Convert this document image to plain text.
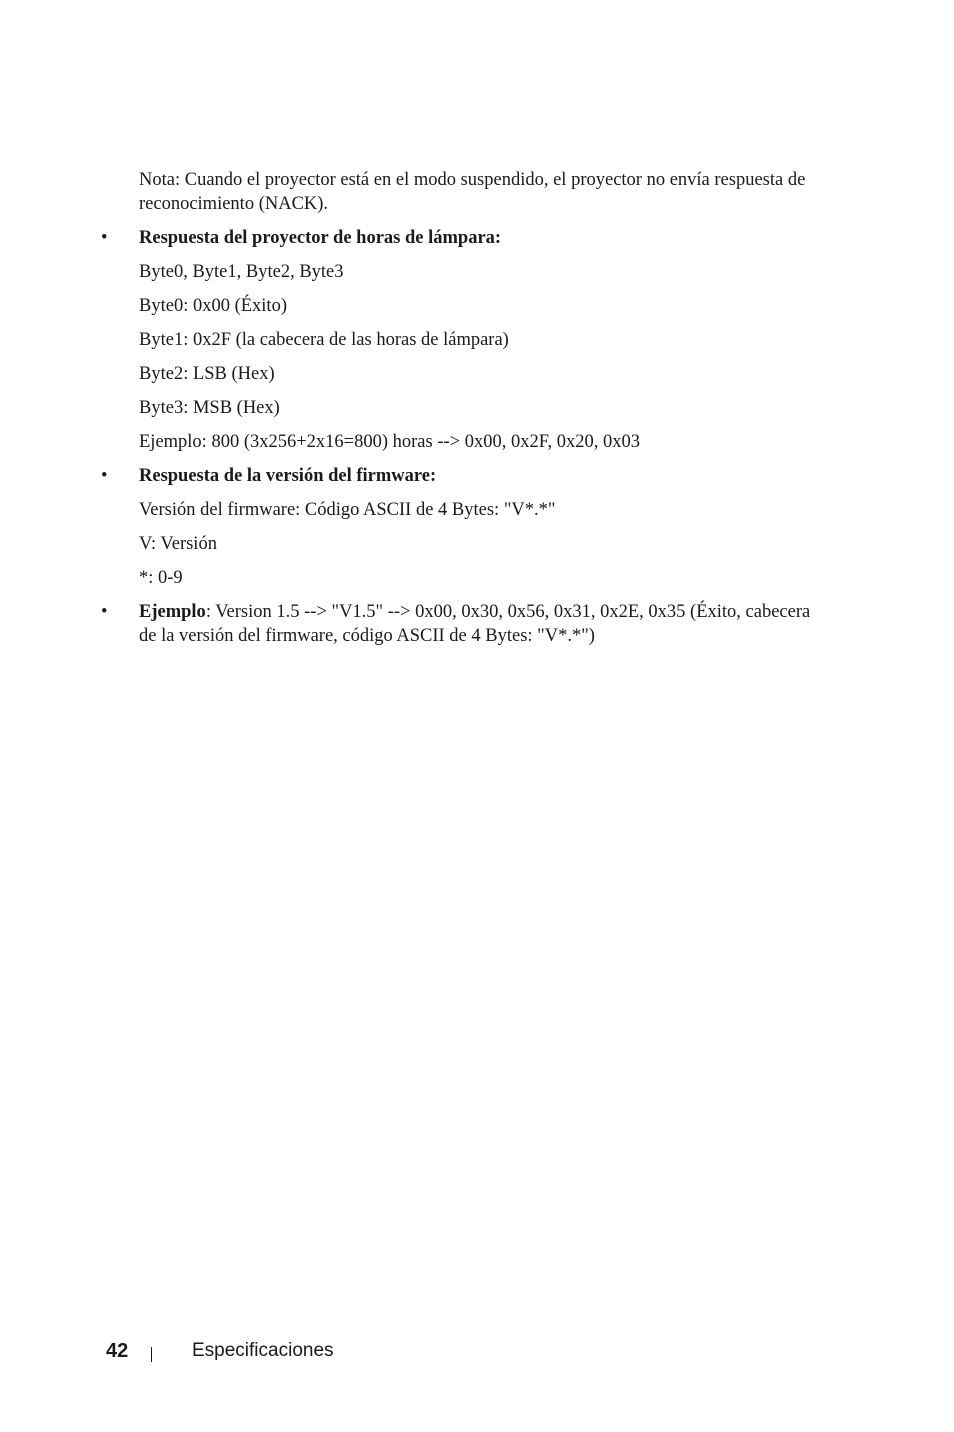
Nota: Cuando el proyector está en el modo suspendido, el proyector no envía respuesta de reconocimiento (NACK).
• Respuesta del proyector de horas de lámpara:
Byte0, Byte1, Byte2, Byte3
Byte0: 0x00 (Éxito)
Byte1: 0x2F (la cabecera de las horas de lámpara)
Byte2: LSB (Hex)
Byte3: MSB (Hex)
Ejemplo: 800 (3x256+2x16=800) horas --> 0x00, 0x2F, 0x20, 0x03
• Respuesta de la versión del firmware:
Versión del firmware: Código ASCII de 4 Bytes: "V*.*"
V: Versión
*: 0-9
• Ejemplo: Version 1.5 --> "V1.5" --> 0x00, 0x30, 0x56, 0x31, 0x2E, 0x35 (Éxito, cabecera de la versión del firmware, código ASCII de 4 Bytes: "V*.*")
42	Especificaciones
